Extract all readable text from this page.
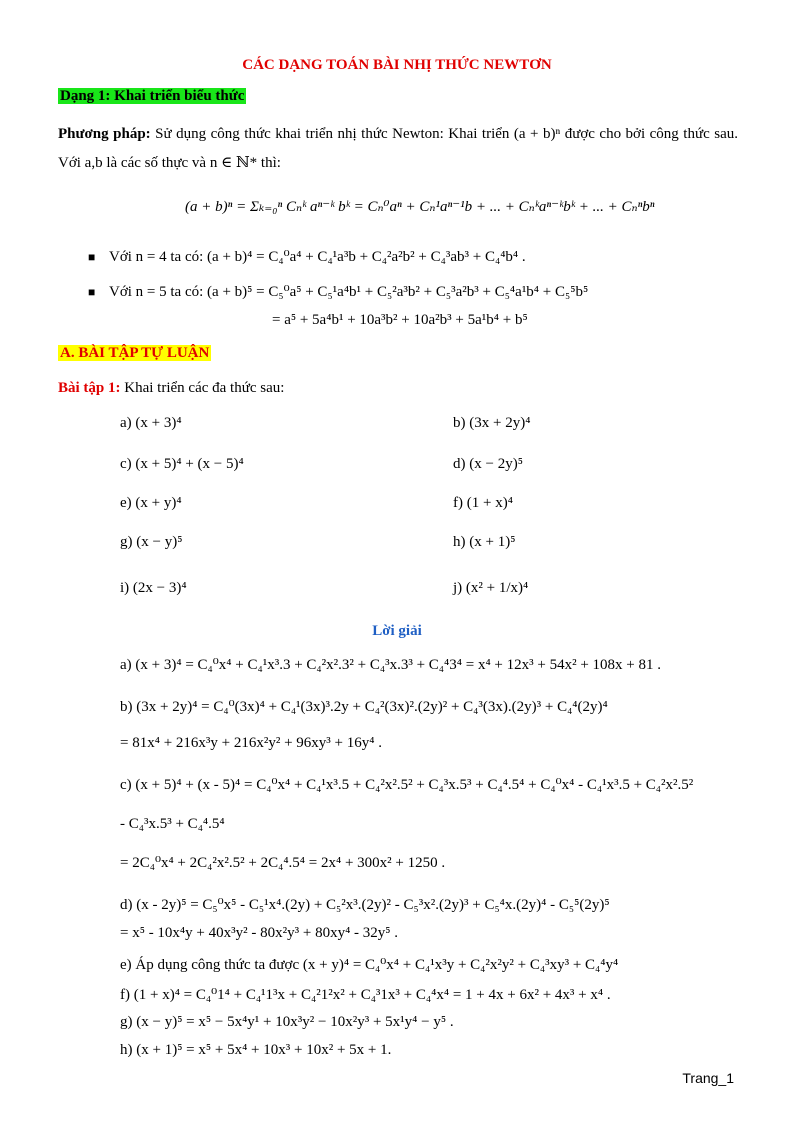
CÁC DẠNG TOÁN BÀI NHỊ THỨC NEWTƠN
Dạng 1: Khai triển biểu thức
Phương pháp: Sử dụng công thức khai triển nhị thức Newton: Khai triển (a + b)ⁿ được cho bởi công thức sau. Với a,b là các số thực và n ∈ ℕ* thì:
(a + b)ⁿ = Σₖ₌₀ⁿ Cₙᵏ aⁿ⁻ᵏ bᵏ = Cₙ⁰aⁿ + Cₙ¹aⁿ⁻¹b + ... + Cₙᵏaⁿ⁻ᵏbᵏ + ... + Cₙⁿbⁿ
■ Với n = 4 ta có: (a + b)⁴ = C₄⁰a⁴ + C₄¹a³b + C₄²a²b² + C₄³ab³ + C₄⁴b⁴ .
■ Với n = 5 ta có: (a + b)⁵ = C₅⁰a⁵ + C₅¹a⁴b¹ + C₅²a³b² + C₅³a²b³ + C₅⁴a¹b⁴ + C₅⁵b⁵
= a⁵ + 5a⁴b¹ + 10a³b² + 10a²b³ + 5a¹b⁴ + b⁵
A. BÀI TẬP TỰ LUẬN
Bài tập 1: Khai triển các đa thức sau:
a) (x + 3)⁴	b) (3x + 2y)⁴
c) (x + 5)⁴ + (x − 5)⁴	d) (x − 2y)⁵
e) (x + y)⁴	f) (1 + x)⁴
g) (x − y)⁵	h) (x + 1)⁵
i) (2x − 3)⁴	j) (x² + 1/x)⁴
Lời giải
a) (x + 3)⁴ = C₄⁰x⁴ + C₄¹x³.3 + C₄²x².3² + C₄³x.3³ + C₄⁴3⁴ = x⁴ + 12x³ + 54x² + 108x + 81 .
b) (3x + 2y)⁴ = C₄⁰(3x)⁴ + C₄¹(3x)³.2y + C₄²(3x)².(2y)² + C₄³(3x).(2y)³ + C₄⁴(2y)⁴
= 81x⁴ + 216x³y + 216x²y² + 96xy³ + 16y⁴ .
c) (x + 5)⁴ + (x - 5)⁴ = C₄⁰x⁴ + C₄¹x³.5 + C₄²x².5² + C₄³x.5³ + C₄⁴.5⁴ + C₄⁰x⁴ - C₄¹x³.5 + C₄²x².5²
- C₄³x.5³ + C₄⁴.5⁴
= 2C₄⁰x⁴ + 2C₄²x².5² + 2C₄⁴.5⁴ = 2x⁴ + 300x² + 1250 .
d) (x - 2y)⁵ = C₅⁰x⁵ - C₅¹x⁴.(2y) + C₅²x³.(2y)² - C₅³x².(2y)³ + C₅⁴x.(2y)⁴ - C₅⁵(2y)⁵
= x⁵ - 10x⁴y + 40x³y² - 80x²y³ + 80xy⁴ - 32y⁵ .
e) Áp dụng công thức ta được (x + y)⁴ = C₄⁰x⁴ + C₄¹x³y + C₄²x²y² + C₄³xy³ + C₄⁴y⁴
f) (1 + x)⁴ = C₄⁰1⁴ + C₄¹1³x + C₄²1²x² + C₄³1x³ + C₄⁴x⁴ = 1 + 4x + 6x² + 4x³ + x⁴ .
g) (x − y)⁵ = x⁵ − 5x⁴y¹ + 10x³y² − 10x²y³ + 5x¹y⁴ − y⁵ .
h) (x + 1)⁵ = x⁵ + 5x⁴ + 10x³ + 10x² + 5x + 1.
Trang_1
